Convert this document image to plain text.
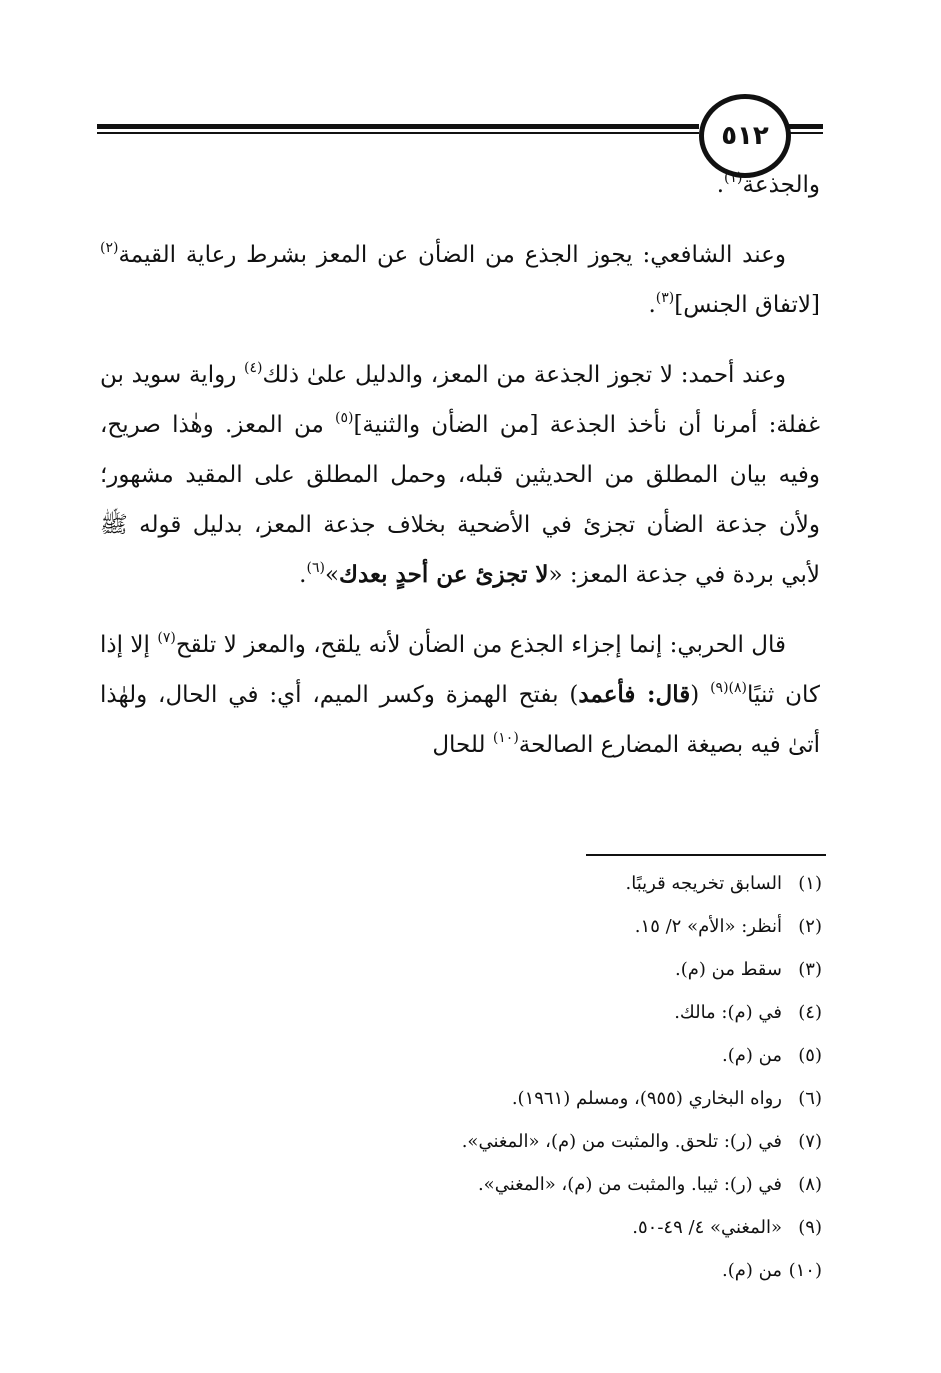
٥١٢

والجذعة$^{(١)}$.

وعند الشافعي: يجوز الجذع من الضأن عن المعز بشرط رعاية القيمة$^{(٢)}$ [لاتفاق الجنس]$^{(٣)}$.

وعند أحمد: لا تجوز الجذعة من المعز، والدليل علىٰ ذلك$^{(٤)}$ رواية سويد بن غفلة: أمرنا أن نأخذ الجذعة [من الضأن والثنية]$^{(٥)}$ من المعز. وهٰذا صريح، وفيه بيان المطلق من الحديثين قبله، وحمل المطلق على المقيد مشهور؛ ولأن جذعة الضأن تجزئ في الأضحية بخلاف جذعة المعز، بدليل قوله ﷺ لأبي بردة في جذعة المعز: «لا تجزئ عن أحدٍ بعدك»$^{(٦)}$.

قال الحربي: إنما إجزاء الجذع من الضأن لأنه يلقح، والمعز لا تلقح$^{(٧)}$ إلا إذا كان ثنيًا$^{(٨)(٩)}$ (قال: فأعمد) بفتح الهمزة وكسر الميم، أي: في الحال، ولهٰذا أتىٰ فيه بصيغة المضارع الصالحة$^{(١٠)}$ للحال

(١)السابق تخريجه قريبًا.
(٢)أنظر: «الأم» ٢/ ١٥.
(٣)سقط من (م).
(٤)في (م): مالك.
(٥)من (م).
(٦)رواه البخاري (٩٥٥)، ومسلم (١٩٦١).
(٧)في (ر): تلحق. والمثبت من (م)، «المغني».
(٨)في (ر): ثيبا. والمثبت من (م)، «المغني».
(٩)«المغني» ٤/ ٤٩-٥٠.
(١٠)من (م).
